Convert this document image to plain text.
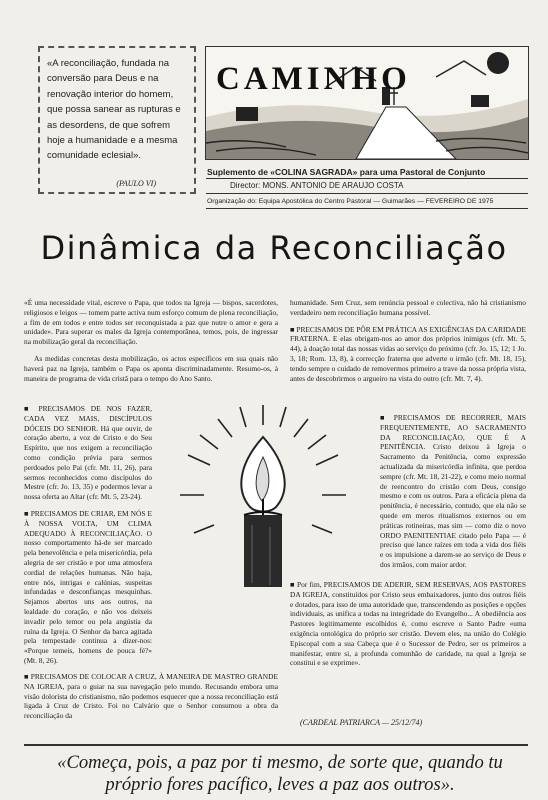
«A reconciliação, fundada na conversão para Deus e na renovação interior do homem, que possa sanear as rupturas e as desordens, de que sofrem hoje a humanidade e a mesma comunidade eclesial».

(PAULO VI)
CAMINHO
Suplemento de «COLINA SAGRADA» para uma Pastoral de Conjunto
Director: MONS. ANTONIO DE ARAUJO COSTA
Organização do: Equipa Apostólica do Centro Pastoral — Guimarães — FEVEREIRO DE 1975
Dinâmica da Reconciliação

«É uma necessidade vital, escreve o Papa, que todos na Igreja — bispos, sacerdotes, religiosos e leigos — tomem parte activa num esforço comum de plena reconciliação, a fim de em todos e entre todos ser reconquistada a paz que nutre o amor e gera a unidade». Para superar os males da Igreja contemporânea, temos, pois, de ingressar na mobilização geral da reconciliação.

As medidas concretas desta mobilização, os actos específicos em sua quais não haverá paz na Igreja, também o Papa os aponta discriminadamente. Resumo-os, à maneira de programa de vida cristã para o tempo do Ano Santo.

■ PRECISAMOS DE NOS FAZER, CADA VEZ MAIS, DISCÍPULOS DÓCEIS DO SENHOR. Há que ouvir, de coração aberto, a voz de Cristo e do Seu Espírito, que nos exigem a reconciliação como condição prévia para sermos perdoados pelo Pai (cfr. Mt. 11, 26), para sermos reconhecidos como discípulos do Mestre (cfr. Jo. 13, 35) e podermos levar a nossa oferta ao Altar (cfr. Mt. 5, 23-24).

■ PRECISAMOS DE CRIAR, EM NÓS E À NOSSA VOLTA, UM CLIMA ADEQUADO À RECONCILIAÇÃO. O nosso comportamento há-de ser marcado pela benevolência e pela misericórdia, pela alegria de ser cristão e por uma atmosfera cordial de relações humanas. Não haja, entre nós, intrigas e calúnias, suspeitas infundadas e desconfianças mesquinhas. Sejamos abertos uns aos outros, na lealdade do coração, e não vos deixeis invadir pelo temor ou pela angústia da ruína da Igreja. O Senhor da barca agitada pela tempestade continua a dizer-nos: «Porque temeis, homens de pouca fé?» (Mt. 8, 26).

■ PRECISAMOS DE COLOCAR A CRUZ, À MANEIRA DE MASTRO GRANDE NA IGREJA, para o guiar na sua navegação pelo mundo. Recusando embora uma visão dolorista do cristianismo, não podemos esquecer que a nossa reconciliação está ligada à Cruz de Cristo. Foi no Calvário que o Senhor consumou a obra da reconciliação da

humanidade. Sem Cruz, sem renúncia pessoal e colectiva, não há cristianismo verdadeiro nem reconciliação humana possível.

■ PRECISAMOS DE PÔR EM PRÁTICA AS EXIGÊNCIAS DA CARIDADE FRATERNA. E elas obrigam-nos ao amor dos próprios inimigos (cfr. Mt. 5, 44), à doação total das nossas vidas ao serviço do próximo (cfr. Jo. 15, 12; 1 Jo. 3, 18; Rom. 13, 8), à correcção fraterna que adverte o irmão (cfr. Mt. 18, 15), tendo sempre o cuidado de removermos primeiro a trave da nossa própria vista, antes de descobrirmos o argueiro na vista do outro (cfr. Mt. 7, 4).

■ PRECISAMOS DE RECORRER, MAIS FREQUENTEMENTE, AO SACRAMENTO DA RECONCILIAÇÃO, QUE É A PENITÊNCIA. Cristo deixou à Igreja o Sacramento da Penitência, como expressão actualizada da misericórdia infinita, que perdoa sempre (cfr. Mt. 18, 21-22), e como meio normal de reencontro do cristão com Deus, consigo mesmo e com os outros. Para a eficácia plena da penitência, é necessário, contudo, que ela não se quede em meros ritualismos externos ou em práticas rotineiras, mas sim — como diz o novo ORDO PAENITENTIAE citado pelo Papa — é preciso que lance raízes em toda a vida dos fiéis e os impulsione a darem-se ao serviço de Deus e dos irmãos, com maior ardor.

■ Por fim, PRECISAMOS DE ADERIR, SEM RESERVAS, AOS PASTORES DA IGREJA, constituídos por Cristo seus embaixadores, junto dos outros fiéis e dotados, para isso de uma autoridade que, transcendendo as posições e opções individuais, as unifica a todas na integridade do Evangelho... A obediência aos Pastores legitimamente escolhidos é, como escreve o Santo Padre «uma exigência ontológica do próprio ser cristão. Devem eles, na união do Colégio Episcopal com a sua Cabeça que é o Sucessor de Pedro, ser os primeiros a manifestar, entre si, a profunda comunhão de caridade, na qual a Igreja se constitui e se exprime».

(CARDEAL PATRIARCA — 25/12/74)
«Começa, pois, a paz por ti mesmo, de sorte que, quando tu próprio fores pacífico, leves a paz aos outros».
